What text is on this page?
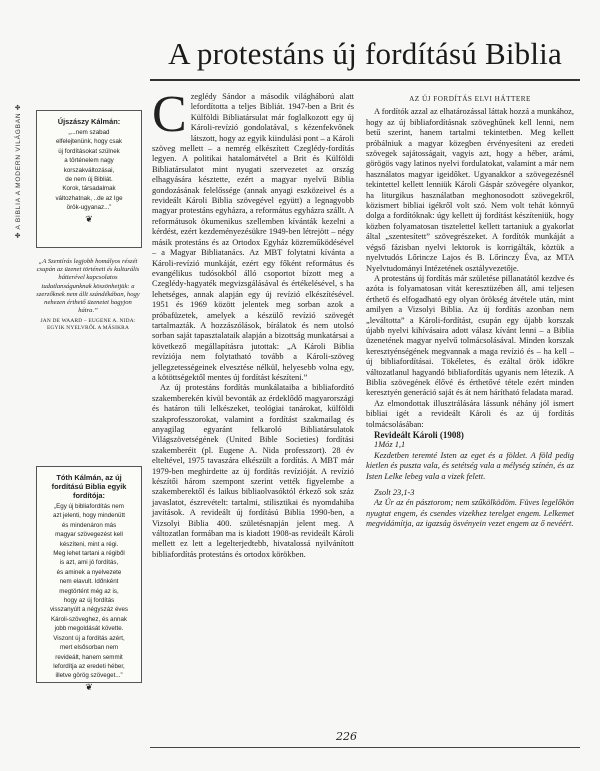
A protestáns új fordítású Biblia
✤ A BIBLIA A MODERN VILÁGBAN ✤	Újszászy Kálmán:
„...nem szabad
elfelejtenünk, hogy csak
új fordításokat szülnek
a történelem nagy
korszakváltozásai,
de nem új Bibliát.
Korok, társadalmak
változhatnak, ..de az Ige
örök-ugyanaz...”
❦
„A Szentírás legjobb homályos részét csupán az üzenet történeti és kulturális hátterével kapcsolatos tudatlanságunknak köszönhetjük: a szerzőknek nem állt szándékában, hogy nehezen érthető üzenetet hagyjon hátra.”
JAN DE WAARD – EUGENE A. NIDA: EGYIK NYELVRŐL A MÁSIKRA
Tóth Kálmán, az új fordítású Biblia egyik fordítója:
„Egy új bibliafordítás nem
azt jelenti, hogy mindenütt
és mindenáron más
magyar szövegezést kell
készíteni, mint a régi.
Meg lehet tartani a régiből
is azt, ami jó fordítás,
és aminek a nyelvezete
nem elavult. Időnként
megtörtént még az is,
hogy az új fordítás
visszanyúlt a négyszáz éves
Károli-szöveghez, és annak
jobb megoldását követte.
Viszont új a fordítás azért,
mert elsősorban nem
revideált, hanem semmit
lefordítja az eredeti héber,
illetve görög szöveget...”
❦

Czeglédy Sándor a második világháború alatt lefordította a teljes Bibliát. 1947-ben a Brit és Külföldi Bibliatársulat már foglalkozott egy új Károli-revízió gondolatával, s kézenfekvőnek látszott, hogy az egyik kiindulási pont – a Károli szöveg mellett – a nemrég elkészített Czeglédy-fordítás legyen. A politikai hatalomátvétel a Brit és Külföldi Bibliatársulatot mint nyugati szervezetet az ország elhagyására késztette, ezért a magyar nyelvű Biblia gondozásának felelőssége (annak anyagi eszközeivel és a revideált Károli Biblia szövegével együtt) a legnagyobb magyar protestáns egyházra, a református egyházra szállt. A reformátusok ökumenikus szellemben kívánták kezelni a kérdést, ezért kezdeményezésükre 1949-ben létrejött – négy másik protestáns és az Ortodox Egyház közreműködésével – a Magyar Bibliatanács. Az MBT folytatni kívánta a Károli-revízió munkáját, ezért egy főként református és evangélikus tudósokból álló csoportot bízott meg a Czeglédy-hagyaték megvizsgálásával és értékelésével, s ha lehetséges, annak alapján egy új revízió elkészítésével. 1951 és 1969 között jelentek meg sorban azok a próbafüzetek, amelyek a készülő revízió szövegét tartalmazták. A hozzászólások, bírálatok és nem utolsó sorban saját tapasztalataik alapján a bizottság munkatársai a következő megállapításra jutottak: „A Károli Biblia revíziója nem folytatható tovább a Károli-szöveg jellegzetességeinek elvesztése nélkül, helyesebb volna egy, a kötöttségektől mentes új fordítást készíteni.”

Az új protestáns fordítás munkálataiba a bibliafordító szakemberekén kívül bevonták az érdeklődő magyarországi és határon túli lelkészeket, teológiai tanárokat, külföldi szakprofesszorokat, valamint a fordítást szakmailag és anyagilag egyaránt felkaroló Bibliatársulatok Világszövetségének (United Bible Societies) fordítási szakemberéit (pl. Eugene A. Nida professzort). 28 év elteltével, 1975 tavaszára elkészült a fordítás. A MBT már 1979-ben meghirdette az új fordítás revízióját. A revízió készítői három szempont szerint vették figyelembe a szakemberektől és laikus bibliaolvasóktól érkező sok száz javaslatot, észrevételt: tartalmi, stilisztikai és nyomdahibа javítások. A revideált új fordítású Biblia 1990-ben, a Vizsolyi Biblia 400. születésnapján jelent meg. A változatlan formában ma is kiadott 1908-as revideált Károli mellett ez lett a legelterjedtebb, hivatalossá nyilvánított bibliafordítás protestáns és ortodox körökben.

AZ ÚJ FORDÍTÁS ELVI HÁTTERE

A fordítók azzal az elhatározással láttak hozzá a munkához, hogy az új bibliafordításnak szöveghűnek kell lenni, nem betű szerint, hanem tartalmi tekintetben. Meg kellett próbálniuk a magyar közegben érvényesíteni az eredeti szövegek sajátosságait, vagyis azt, hogy a héber, arámi, görögös vagy latinos nyelvi fordulatokat, valamint a már nem használatos magyar igeidőket. Ugyanakkor a szövegezésnél tekintettel kellett lenniük Károli Gáspár szövegére olyankor, ha liturgikus használatban meghonosodott szövegekről, közismert bibliai igékről volt szó. Nem volt tehát könnyű dolga a fordítóknak: úgy kellett új fordítást készíteniük, hogy közben folyamatosan tisztelettel kellett tartaniuk a gyakorlat által „szentesített” szövegrészeket. A fordítók munkáját a végső fázisban nyelvi lektorok is korrigálták, köztük a nyelvtudós Lőrincze Lajos és B. Lőrinczy Éva, az MTA Nyelvtudományi Intézetének osztályvezetője.

A protestáns új fordítás már születése pillanatától kezdve és azóta is folyamatosan vitát keresztüzében áll, ami teljesen érthető és elfogadható egy olyan örökség átvétele után, mint amilyen a Vizsolyi Biblia. Az új fordítás azonban nem „leváltotta” a Károli-fordítást, csupán egy újabb korszak újabb nyelvi kihívásaira adott válasz kívánt lenni – a Biblia üzenetének magyar nyelvű tolmácsolásával. Minden korszak keresztyénségének megvannak a maga revízió és – ha kell – új bibliafordításai. Tökéletes, és ezáltal örök időkre változatlanul hagyandó bibliafordítás ugyanis nem létezik. A Biblia szövegének élővé és érthetővé tétele ezért minden keresztyén generáció saját és át nem hárítható feladata marad.

Az elmondottak illusztrálására lássunk néhány jól ismert bibliai igét a revideált Károli és az új fordítás tolmácsolásában:

Revideált Károli (1908)

1Móz 1,1

Kezdetben teremté Isten az eget és a földet. A föld pedig kietlen és puszta vala, és setétség vala a mélység színén, és az Isten Lelke lebeg vala a vizek felett.

Zsolt 23,1-3

Az Úr az én pásztorom; nem szűkölködöm. Füves legelőkön nyugtat engem, és csendes vizekhez terelget engem. Lelkemet megvidámítja, az igazság ösvényein vezet engem az ő nevéért.

226
